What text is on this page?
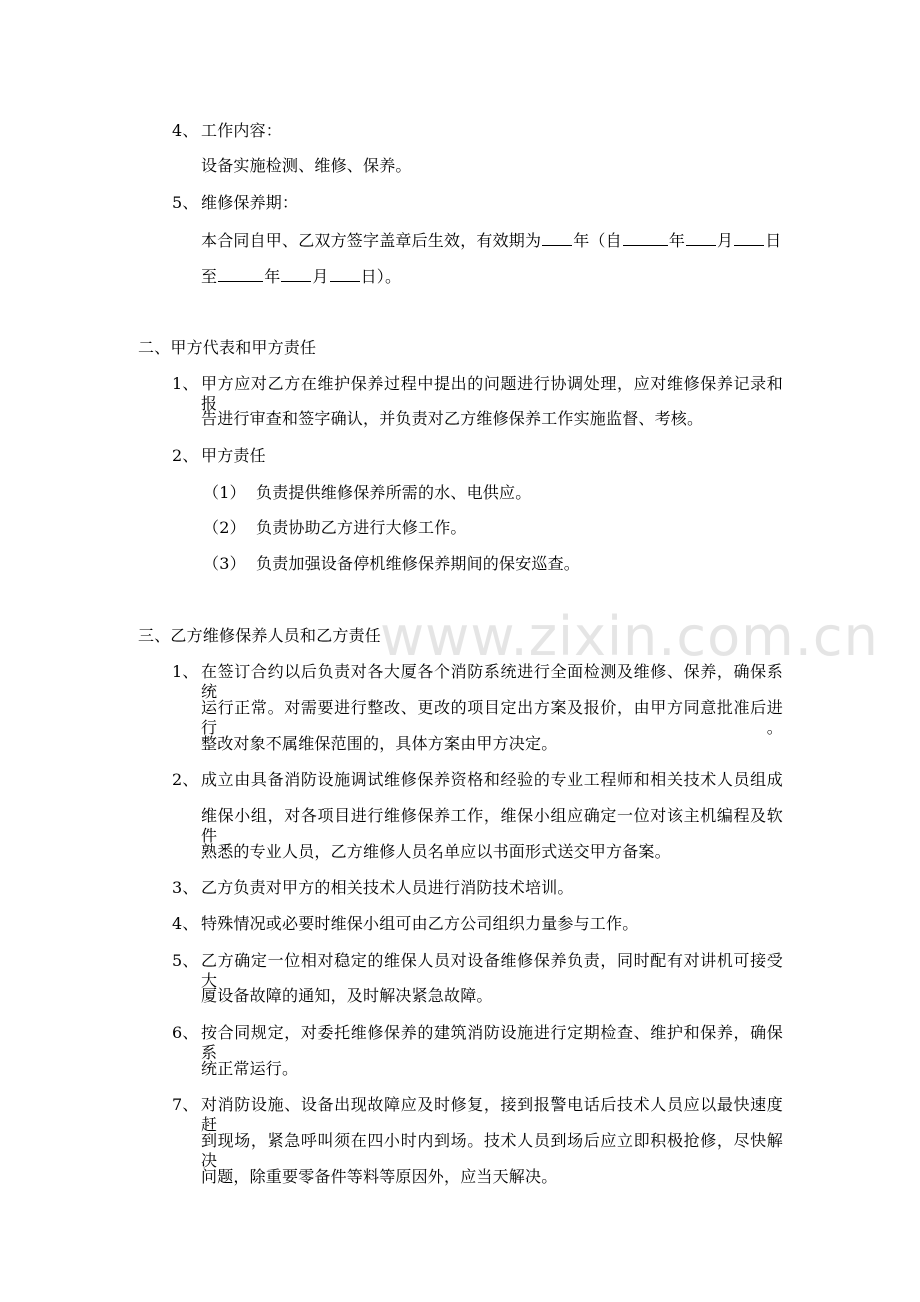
4、 工作内容：
设备实施检测、维修、保养。
5、 维修保养期：
本合同自甲、乙双方签字盖章后生效，有效期为 年（自	年 月 日
至	年 月 日）。
二、甲方代表和甲方责任
1、 甲方应对乙方在维护保养过程中提出的问题进行协调处理，应对维修保养记录和报
告进行审查和签字确认，并负责对乙方维修保养工作实施监督、考核。
2、 甲方责任
（1） 负责提供维修保养所需的水、电供应。
（2） 负责协助乙方进行大修工作。
（3） 负责加强设备停机维修保养期间的保安巡查。
三、乙方维修保养人员和乙方责任
1、 在签订合约以后负责对各大厦各个消防系统进行全面检测及维修、保养，确保系统
运行正常。对需要进行整改、更改的项目定出方案及报价，由甲方同意批准后进行。
整改对象不属维保范围的，具体方案由甲方决定。
2、 成立由具备消防设施调试维修保养资格和经验的专业工程师和相关技术人员组成
维保小组，对各项目进行维修保养工作，维保小组应确定一位对该主机编程及软件
熟悉的专业人员，乙方维修人员名单应以书面形式送交甲方备案。
3、 乙方负责对甲方的相关技术人员进行消防技术培训。
4、 特殊情况或必要时维保小组可由乙方公司组织力量参与工作。
5、 乙方确定一位相对稳定的维保人员对设备维修保养负责，同时配有对讲机可接受大
厦设备故障的通知，及时解决紧急故障。
6、 按合同规定，对委托维修保养的建筑消防设施进行定期检查、维护和保养，确保系
统正常运行。
7、 对消防设施、设备出现故障应及时修复，接到报警电话后技术人员应以最快速度赶
到现场，紧急呼叫须在四小时内到场。技术人员到场后应立即积极抢修，尽快解决
问题，除重要零备件等料等原因外，应当天解决。
www.zixin.com.cn
